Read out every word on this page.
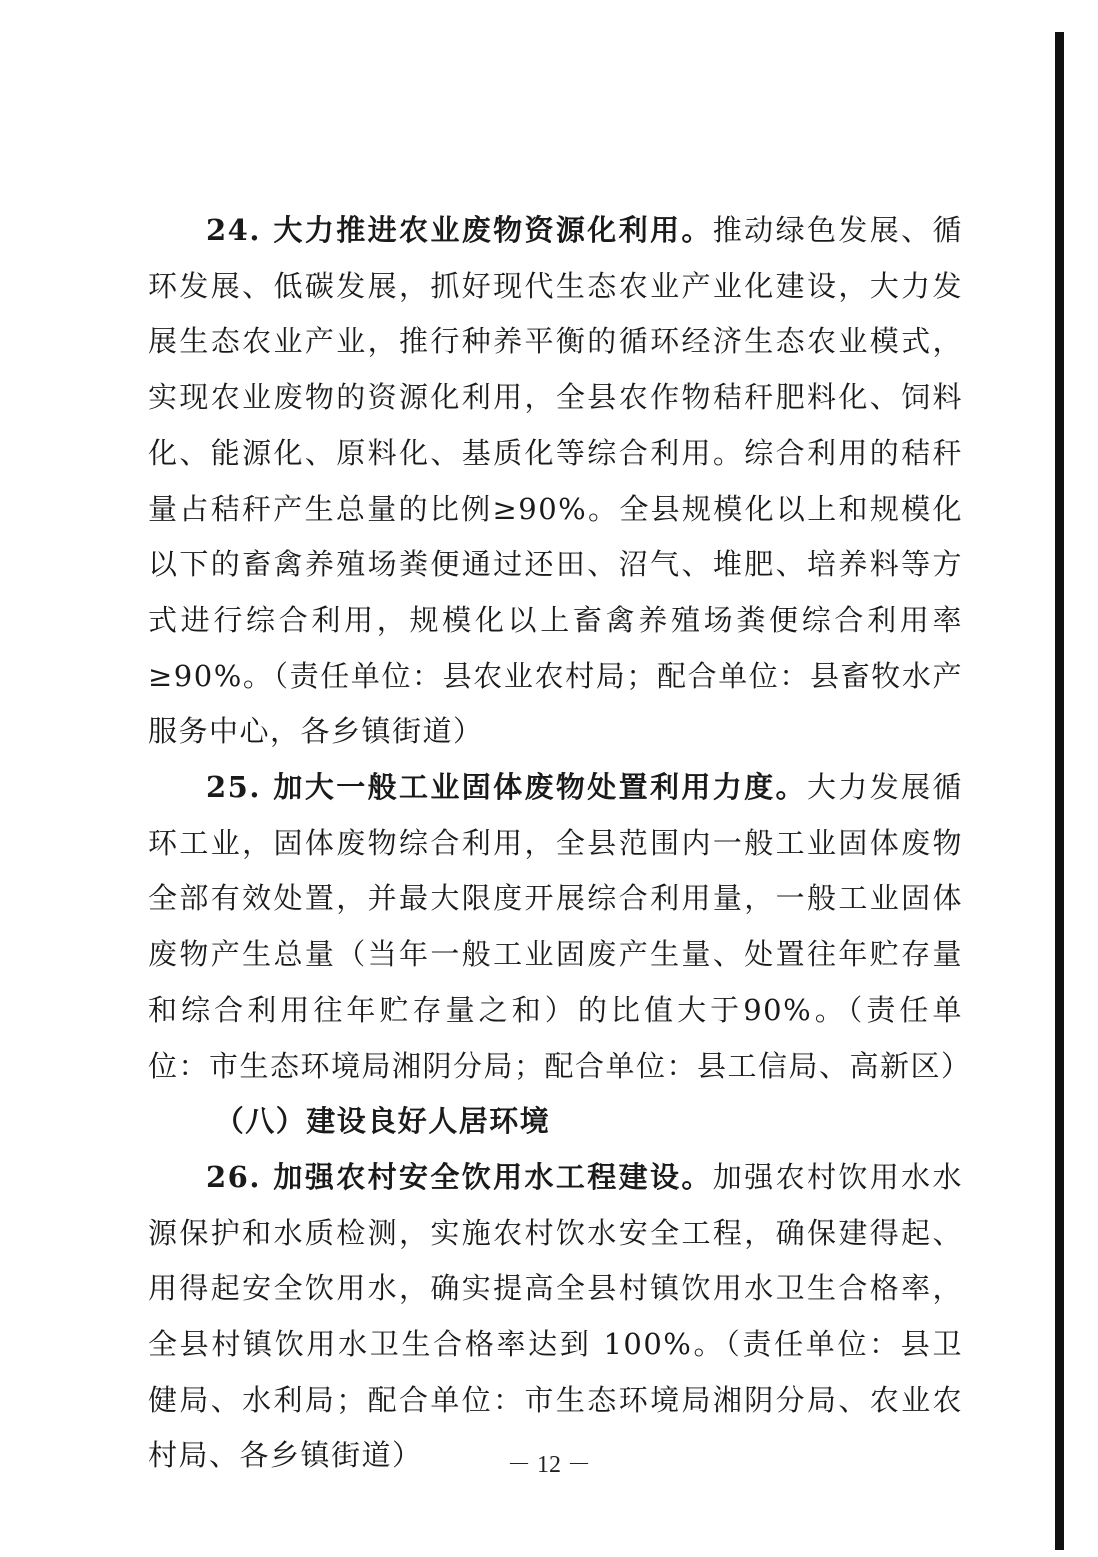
24. 大力推进农业废物资源化利用。推动绿色发展、循环发展、低碳发展，抓好现代生态农业产业化建设，大力发展生态农业产业，推行种养平衡的循环经济生态农业模式，实现农业废物的资源化利用，全县农作物秸秆肥料化、饲料化、能源化、原料化、基质化等综合利用。综合利用的秸秆量占秸秆产生总量的比例≥90%。全县规模化以上和规模化以下的畜禽养殖场粪便通过还田、沼气、堆肥、培养料等方式进行综合利用，规模化以上畜禽养殖场粪便综合利用率≥90%。（责任单位：县农业农村局；配合单位：县畜牧水产服务中心，各乡镇街道）

25. 加大一般工业固体废物处置利用力度。大力发展循环工业，固体废物综合利用，全县范围内一般工业固体废物全部有效处置，并最大限度开展综合利用量，一般工业固体废物产生总量（当年一般工业固废产生量、处置往年贮存量和综合利用往年贮存量之和）的比值大于90%。（责任单位：市生态环境局湘阴分局；配合单位：县工信局、高新区）

（八）建设良好人居环境

26. 加强农村安全饮用水工程建设。加强农村饮用水水源保护和水质检测，实施农村饮水安全工程，确保建得起、用得起安全饮用水，确实提高全县村镇饮用水卫生合格率，全县村镇饮用水卫生合格率达到 100%。（责任单位：县卫健局、水利局；配合单位：市生态环境局湘阴分局、农业农村局、各乡镇街道）	－ 12 －
